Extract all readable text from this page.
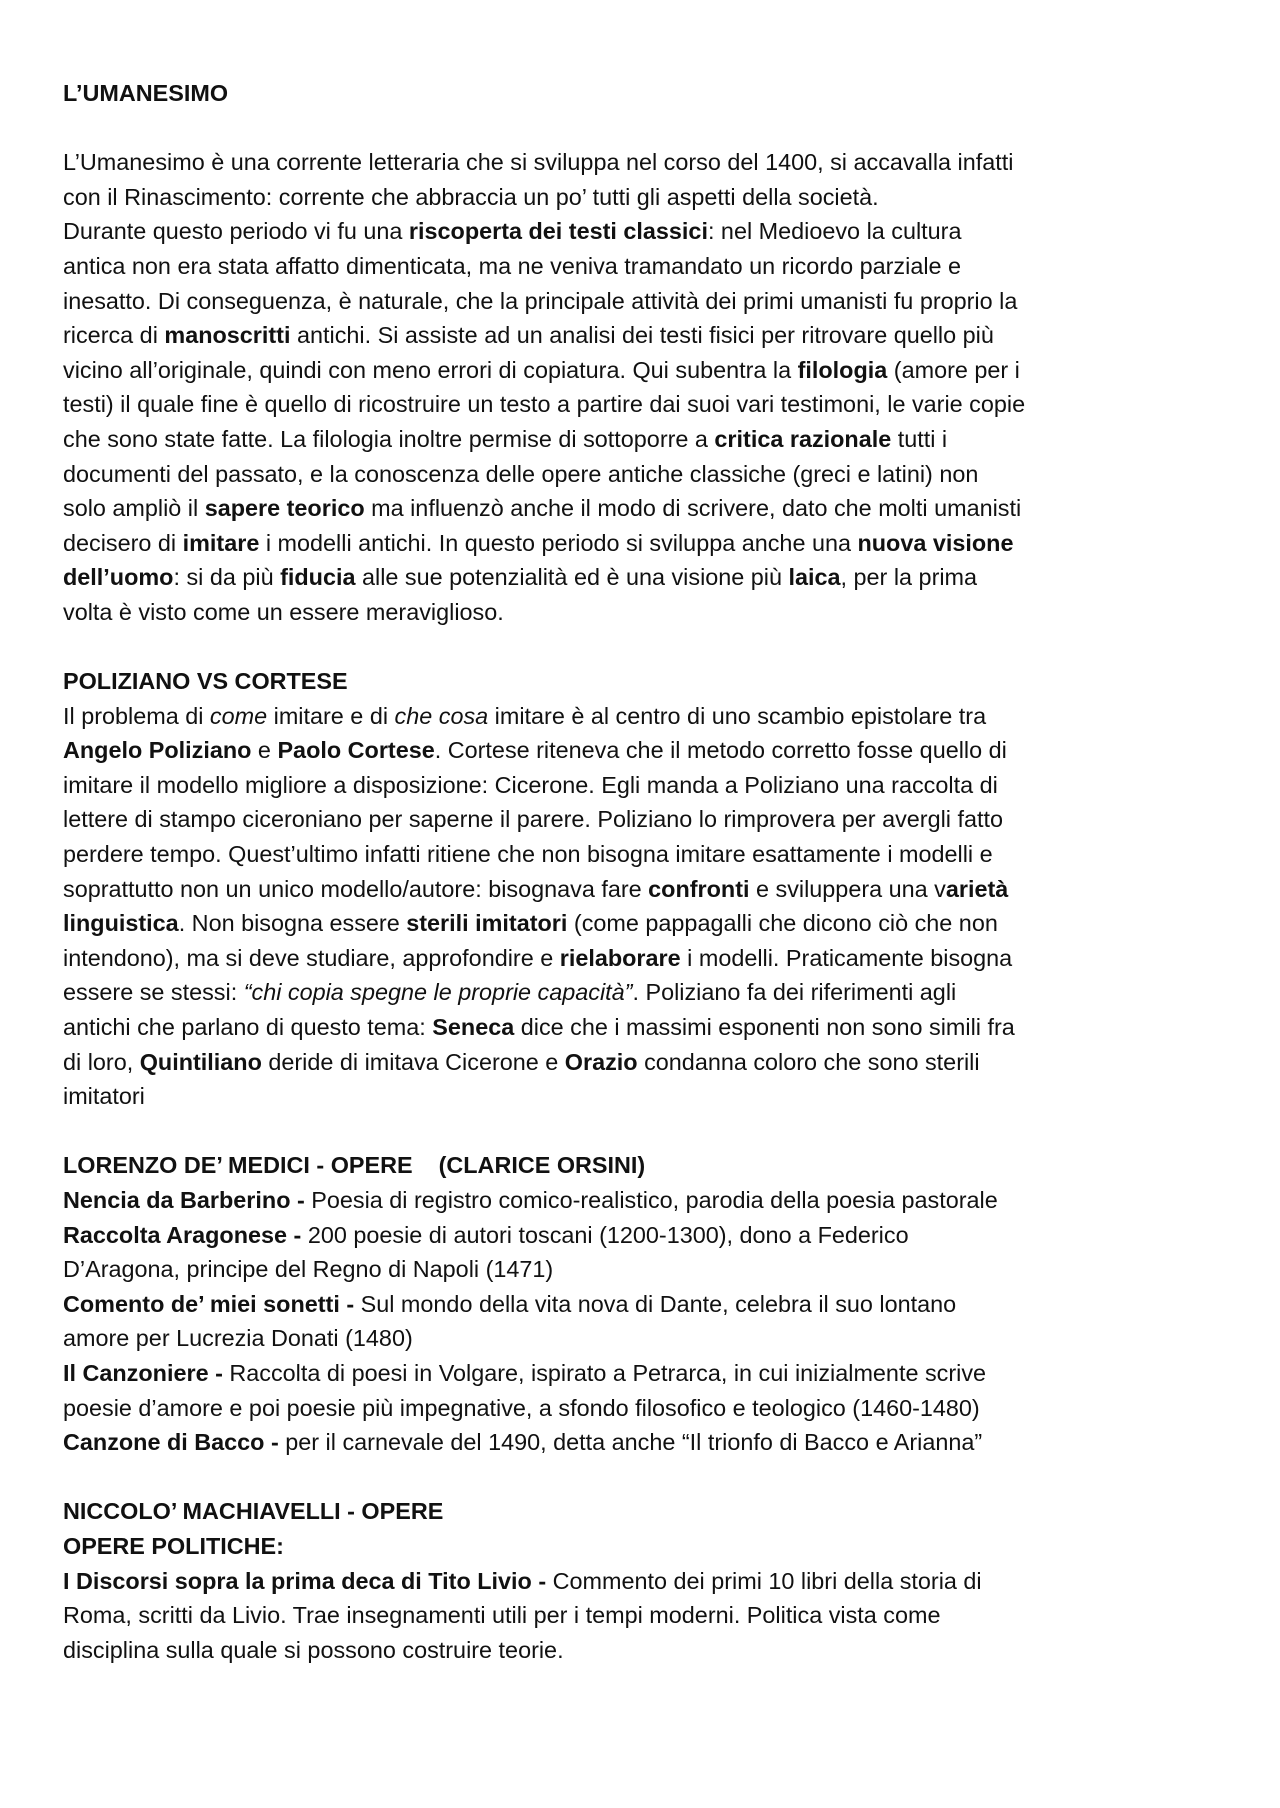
L’UMANESIMO
L’Umanesimo è una corrente letteraria che si sviluppa nel corso del 1400, si accavalla infatti
con il Rinascimento: corrente che abbraccia un po’ tutti gli aspetti della società.
Durante questo periodo vi fu una riscoperta dei testi classici: nel Medioevo la cultura
antica non era stata affatto dimenticata, ma ne veniva tramandato un ricordo parziale e
inesatto. Di conseguenza, è naturale, che la principale attività dei primi umanisti fu proprio la
ricerca di manoscritti antichi. Si assiste ad un analisi dei testi fisici per ritrovare quello più
vicino all’originale, quindi con meno errori di copiatura. Qui subentra la filologia (amore per i
testi) il quale fine è quello di ricostruire un testo a partire dai suoi vari testimoni, le varie copie
che sono state fatte. La filologia inoltre permise di sottoporre a critica razionale tutti i
documenti del passato, e la conoscenza delle opere antiche classiche (greci e latini) non
solo ampliò il sapere teorico ma influenzò anche il modo di scrivere, dato che molti umanisti
decisero di imitare i modelli antichi. In questo periodo si sviluppa anche una nuova visione
dell’uomo: si da più fiducia alle sue potenzialità ed è una visione più laica, per la prima
volta è visto come un essere meraviglioso.
POLIZIANO VS CORTESE
Il problema di come imitare e di che cosa imitare è al centro di uno scambio epistolare tra
Angelo Poliziano e Paolo Cortese. Cortese riteneva che il metodo corretto fosse quello di
imitare il modello migliore a disposizione: Cicerone. Egli manda a Poliziano una raccolta di
lettere di stampo ciceroniano per saperne il parere. Poliziano lo rimprovera per avergli fatto
perdere tempo. Quest’ultimo infatti ritiene che non bisogna imitare esattamente i modelli e
soprattutto non un unico modello/autore: bisognava fare confronti e sviluppera una varietà
linguistica. Non bisogna essere sterili imitatori (come pappagalli che dicono ciò che non
intendono), ma si deve studiare, approfondire e rielaborare i modelli. Praticamente bisogna
essere se stessi: “chi copia spegne le proprie capacità”. Poliziano fa dei riferimenti agli
antichi che parlano di questo tema: Seneca dice che i massimi esponenti non sono simili fra
di loro, Quintiliano deride di imitava Cicerone e Orazio condanna coloro che sono sterili
imitatori
LORENZO DE’ MEDICI - OPERE    (CLARICE ORSINI)
Nencia da Barberino - Poesia di registro comico-realistico, parodia della poesia pastorale
Raccolta Aragonese - 200 poesie di autori toscani (1200-1300), dono a Federico
D’Aragona, principe del Regno di Napoli (1471)
Comento de’ miei sonetti - Sul mondo della vita nova di Dante, celebra il suo lontano
amore per Lucrezia Donati (1480)
Il Canzoniere - Raccolta di poesi in Volgare, ispirato a Petrarca, in cui inizialmente scrive
poesie d’amore e poi poesie più impegnative, a sfondo filosofico e teologico (1460-1480)
Canzone di Bacco - per il carnevale del 1490, detta anche “Il trionfo di Bacco e Arianna”
NICCOLO’ MACHIAVELLI - OPERE
OPERE POLITICHE:
I Discorsi sopra la prima deca di Tito Livio - Commento dei primi 10 libri della storia di
Roma, scritti da Livio. Trae insegnamenti utili per i tempi moderni. Politica vista come
disciplina sulla quale si possono costruire teorie.
